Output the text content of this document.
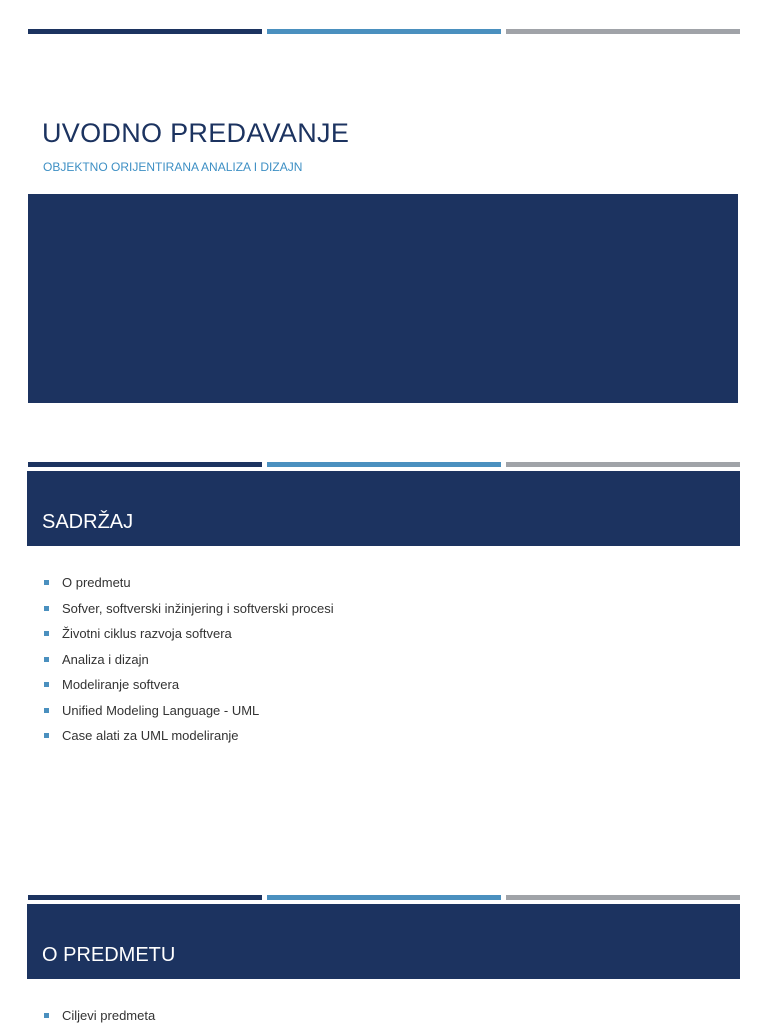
UVODNO PREDAVANJE
OBJEKTNO ORIJENTIRANA ANALIZA I DIZAJN
SADRŽAJ
O predmetu
Sofver, softverski inžinjering i softverski procesi
Životni ciklus razvoja softvera
Analiza i dizajn
Modeliranje softvera
Unified Modeling Language - UML
Case alati za UML modeliranje
O PREDMETU
Ciljevi predmeta
